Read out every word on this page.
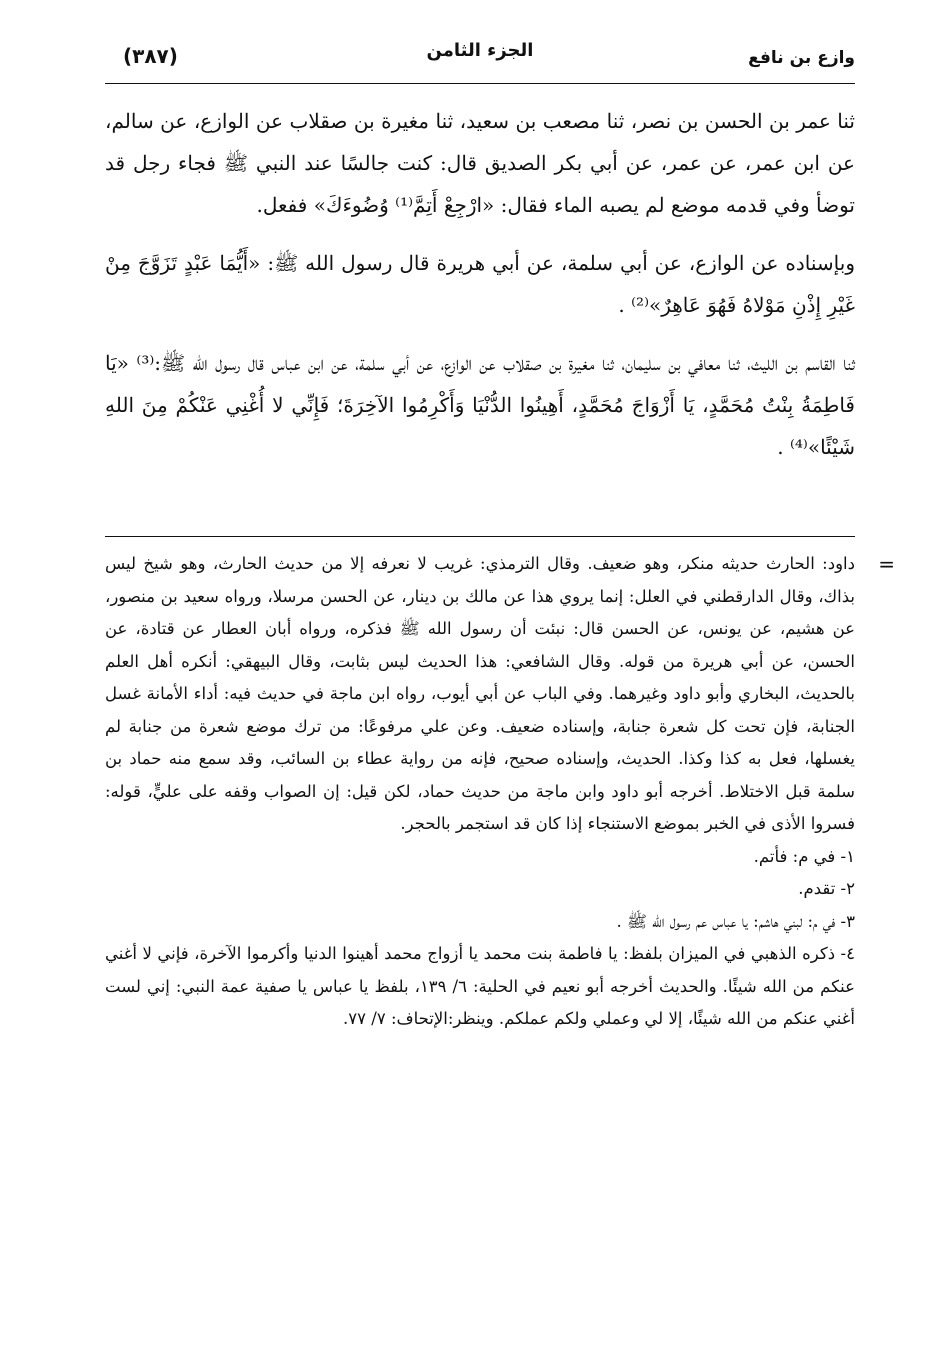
وازع بن نافع
الجزء الثامن
(٣٨٧)

ثنا عمر بن الحسن بن نصر، ثنا مصعب بن سعيد، ثنا مغيرة بن صقلاب عن الوازع، عن سالم، عن ابن عمر، عن عمر، عن أبي بكر الصديق قال: كنت جالسًا عند النبي ﷺ فجاء رجل قد توضأ وفي قدمه موضع لم يصبه الماء فقال: «ارْجِعْ أَتِمَّ⁽¹⁾ وُضُوءَكَ» ففعل.

وبإسناده عن الوازع، عن أبي سلمة، عن أبي هريرة قال رسول الله ﷺ: «أَيُّمَا عَبْدٍ تَزَوَّجَ مِنْ غَيْرِ إِذْنِ مَوْلاهُ فَهُوَ عَاهِرٌ»⁽²⁾ .

ثنا القاسم بن الليث، ثنا معافي بن سليمان، ثنا مغيرة بن صقلاب عن الوازع، عن أبي سلمة، عن ابن عباس قال رسول الله ﷺ:⁽³⁾ «يَا فَاطِمَةُ بِنْتُ مُحَمَّدٍ، يَا أَزْوَاجَ مُحَمَّدٍ، أَهِينُوا الدُّنْيَا وَأَكْرِمُوا الآخِرَةَ؛ فَإِنِّي لا أُغْنِي عَنْكُمْ مِنَ اللهِ شَيْئًا»⁽⁴⁾ .

=
داود: الحارث حديثه منكر، وهو ضعيف. وقال الترمذي: غريب لا نعرفه إلا من حديث الحارث، وهو شيخ ليس بذاك، وقال الدارقطني في العلل: إنما يروي هذا عن مالك بن دينار، عن الحسن مرسلا، ورواه سعيد بن منصور، عن هشيم، عن يونس، عن الحسن قال: نبئت أن رسول الله ﷺ فذكره، ورواه أبان العطار عن قتادة، عن الحسن، عن أبي هريرة من قوله. وقال الشافعي: هذا الحديث ليس بثابت، وقال البيهقي: أنكره أهل العلم بالحديث، البخاري وأبو داود وغيرهما. وفي الباب عن أبي أيوب، رواه ابن ماجة في حديث فيه: أداء الأمانة غسل الجنابة، فإن تحت كل شعرة جنابة، وإسناده ضعيف. وعن علي مرفوعًا: من ترك موضع شعرة من جنابة لم يغسلها، فعل به كذا وكذا. الحديث، وإسناده صحيح، فإنه من رواية عطاء بن السائب، وقد سمع منه حماد بن سلمة قبل الاختلاط. أخرجه أبو داود وابن ماجة من حديث حماد، لكن قيل: إن الصواب وقفه على عليٍّ، قوله: فسروا الأذى في الخبر بموضع الاستنجاء إذا كان قد استجمر بالحجر.

١- في م: فأتم.

٢- تقدم.

٣- في م: لبني هاشم: يا عباس عم رسول الله ﷺ .

٤- ذكره الذهبي في الميزان بلفظ: يا فاطمة بنت محمد يا أزواج محمد أهينوا الدنيا وأكرموا الآخرة، فإني لا أغني عنكم من الله شيئًا. والحديث أخرجه أبو نعيم في الحلية: ٦/ ١٣٩، بلفظ يا عباس يا صفية عمة النبي: إني لست أغني عنكم من الله شيئًا، إلا لي وعملي ولكم عملكم. وينظر:الإتحاف: ٧/ ٧٧.
